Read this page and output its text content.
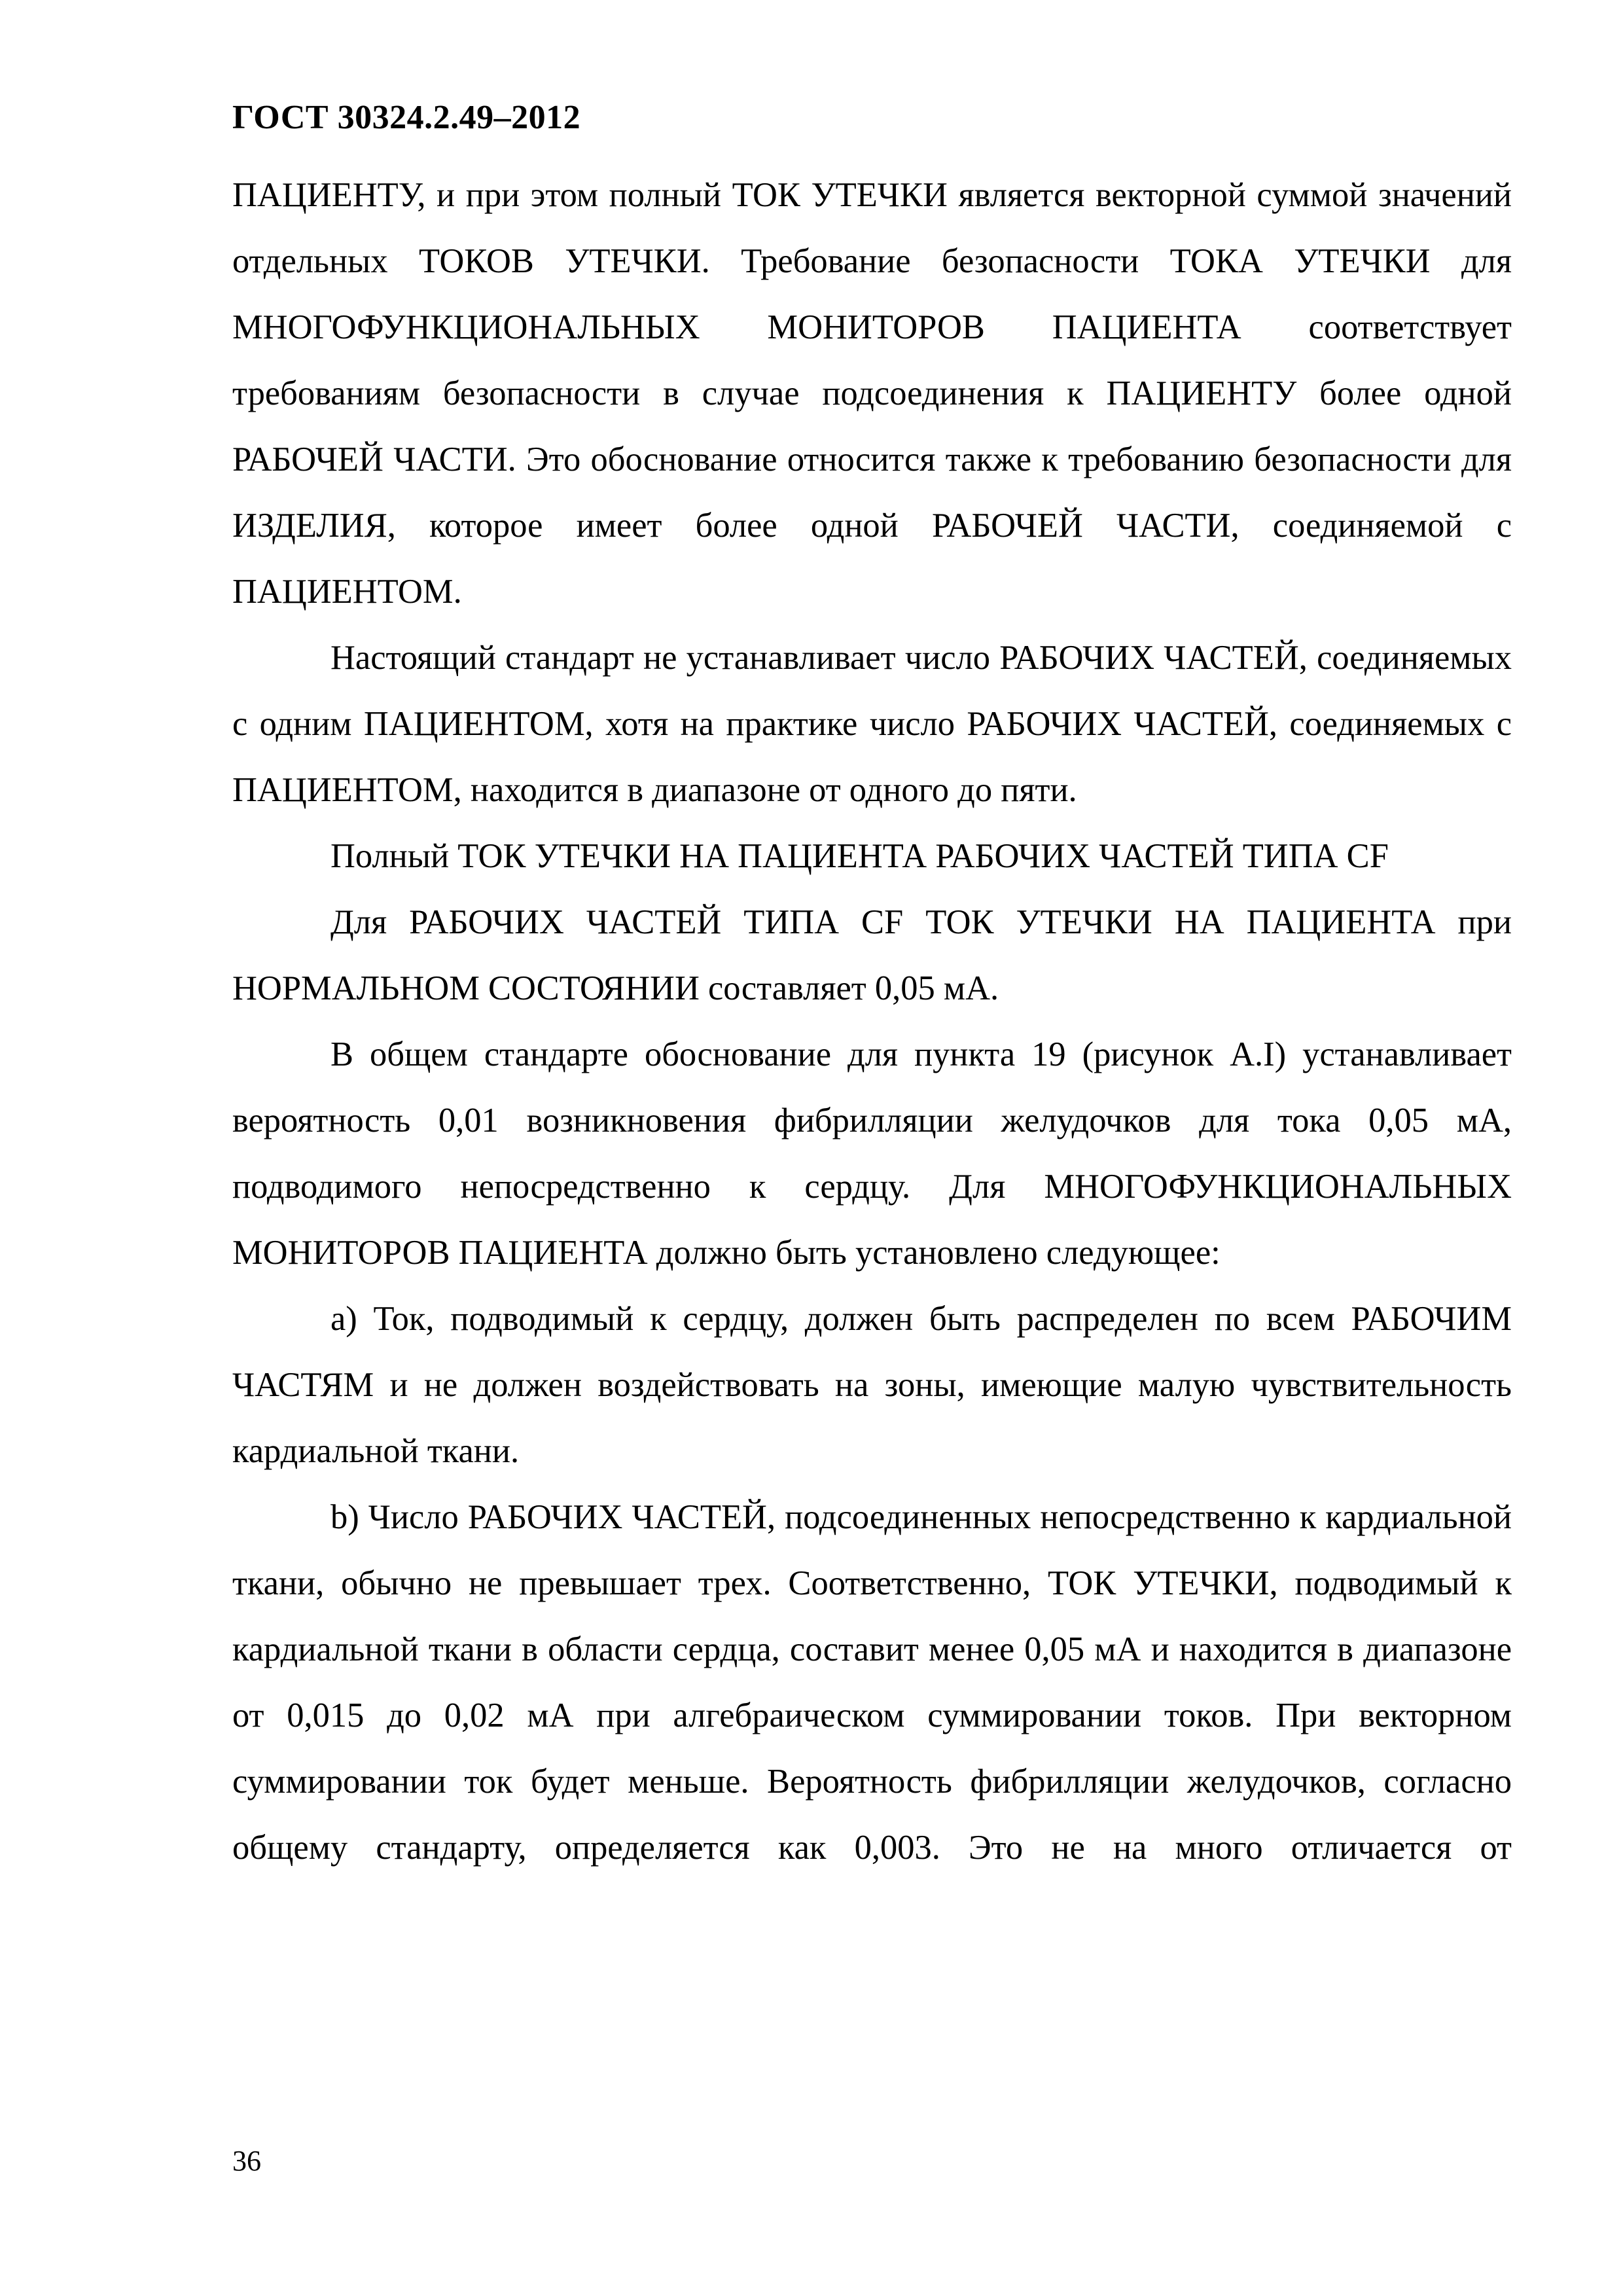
ГОСТ 30324.2.49–2012

ПАЦИЕНТУ, и при этом полный ТОК УТЕЧКИ является векторной суммой значений отдельных ТОКОВ УТЕЧКИ. Требование безопасности ТОКА УТЕЧКИ для МНОГОФУНКЦИОНАЛЬНЫХ МОНИТОРОВ ПАЦИЕНТА соответствует требованиям безопасности в случае подсоединения к ПАЦИЕНТУ более одной РАБОЧЕЙ ЧАСТИ. Это обоснование относится также к требованию безопасности для ИЗДЕЛИЯ, которое имеет более одной РАБОЧЕЙ ЧАСТИ, соединяемой с ПАЦИЕНТОМ.

Настоящий стандарт не устанавливает число РАБОЧИХ ЧАСТЕЙ, соединяемых с одним ПАЦИЕНТОМ, хотя на практике число РАБОЧИХ ЧАСТЕЙ, соединяемых с ПАЦИЕНТОМ, находится в диапазоне от одного до пяти.

Полный ТОК УТЕЧКИ НА ПАЦИЕНТА РАБОЧИХ ЧАСТЕЙ ТИПА CF

Для РАБОЧИХ ЧАСТЕЙ ТИПА CF ТОК УТЕЧКИ НА ПАЦИЕНТА при НОРМАЛЬНОМ СОСТОЯНИИ составляет 0,05 мА.

В общем стандарте обоснование для пункта 19 (рисунок A.I) устанавливает вероятность 0,01 возникновения фибрилляции желудочков для тока 0,05 мА, подводимого непосредственно к сердцу. Для МНОГОФУНКЦИОНАЛЬНЫХ МОНИТОРОВ ПАЦИЕНТА должно быть установлено следующее:

a) Ток, подводимый к сердцу, должен быть распределен по всем РАБОЧИМ ЧАСТЯМ и не должен воздействовать на зоны, имеющие малую чувствительность кардиальной ткани.

b) Число РАБОЧИХ ЧАСТЕЙ, подсоединенных непосредственно к кардиальной ткани, обычно не превышает трех. Соответственно, ТОК УТЕЧКИ, подводимый к кардиальной ткани в области сердца, составит менее 0,05 мА и находится в диапазоне от 0,015 до 0,02 мА при алгебраическом суммировании токов. При векторном суммировании ток будет меньше. Вероятность фибрилляции желудочков, согласно общему стандарту, определяется как 0,003. Это не на много отличается от

36
